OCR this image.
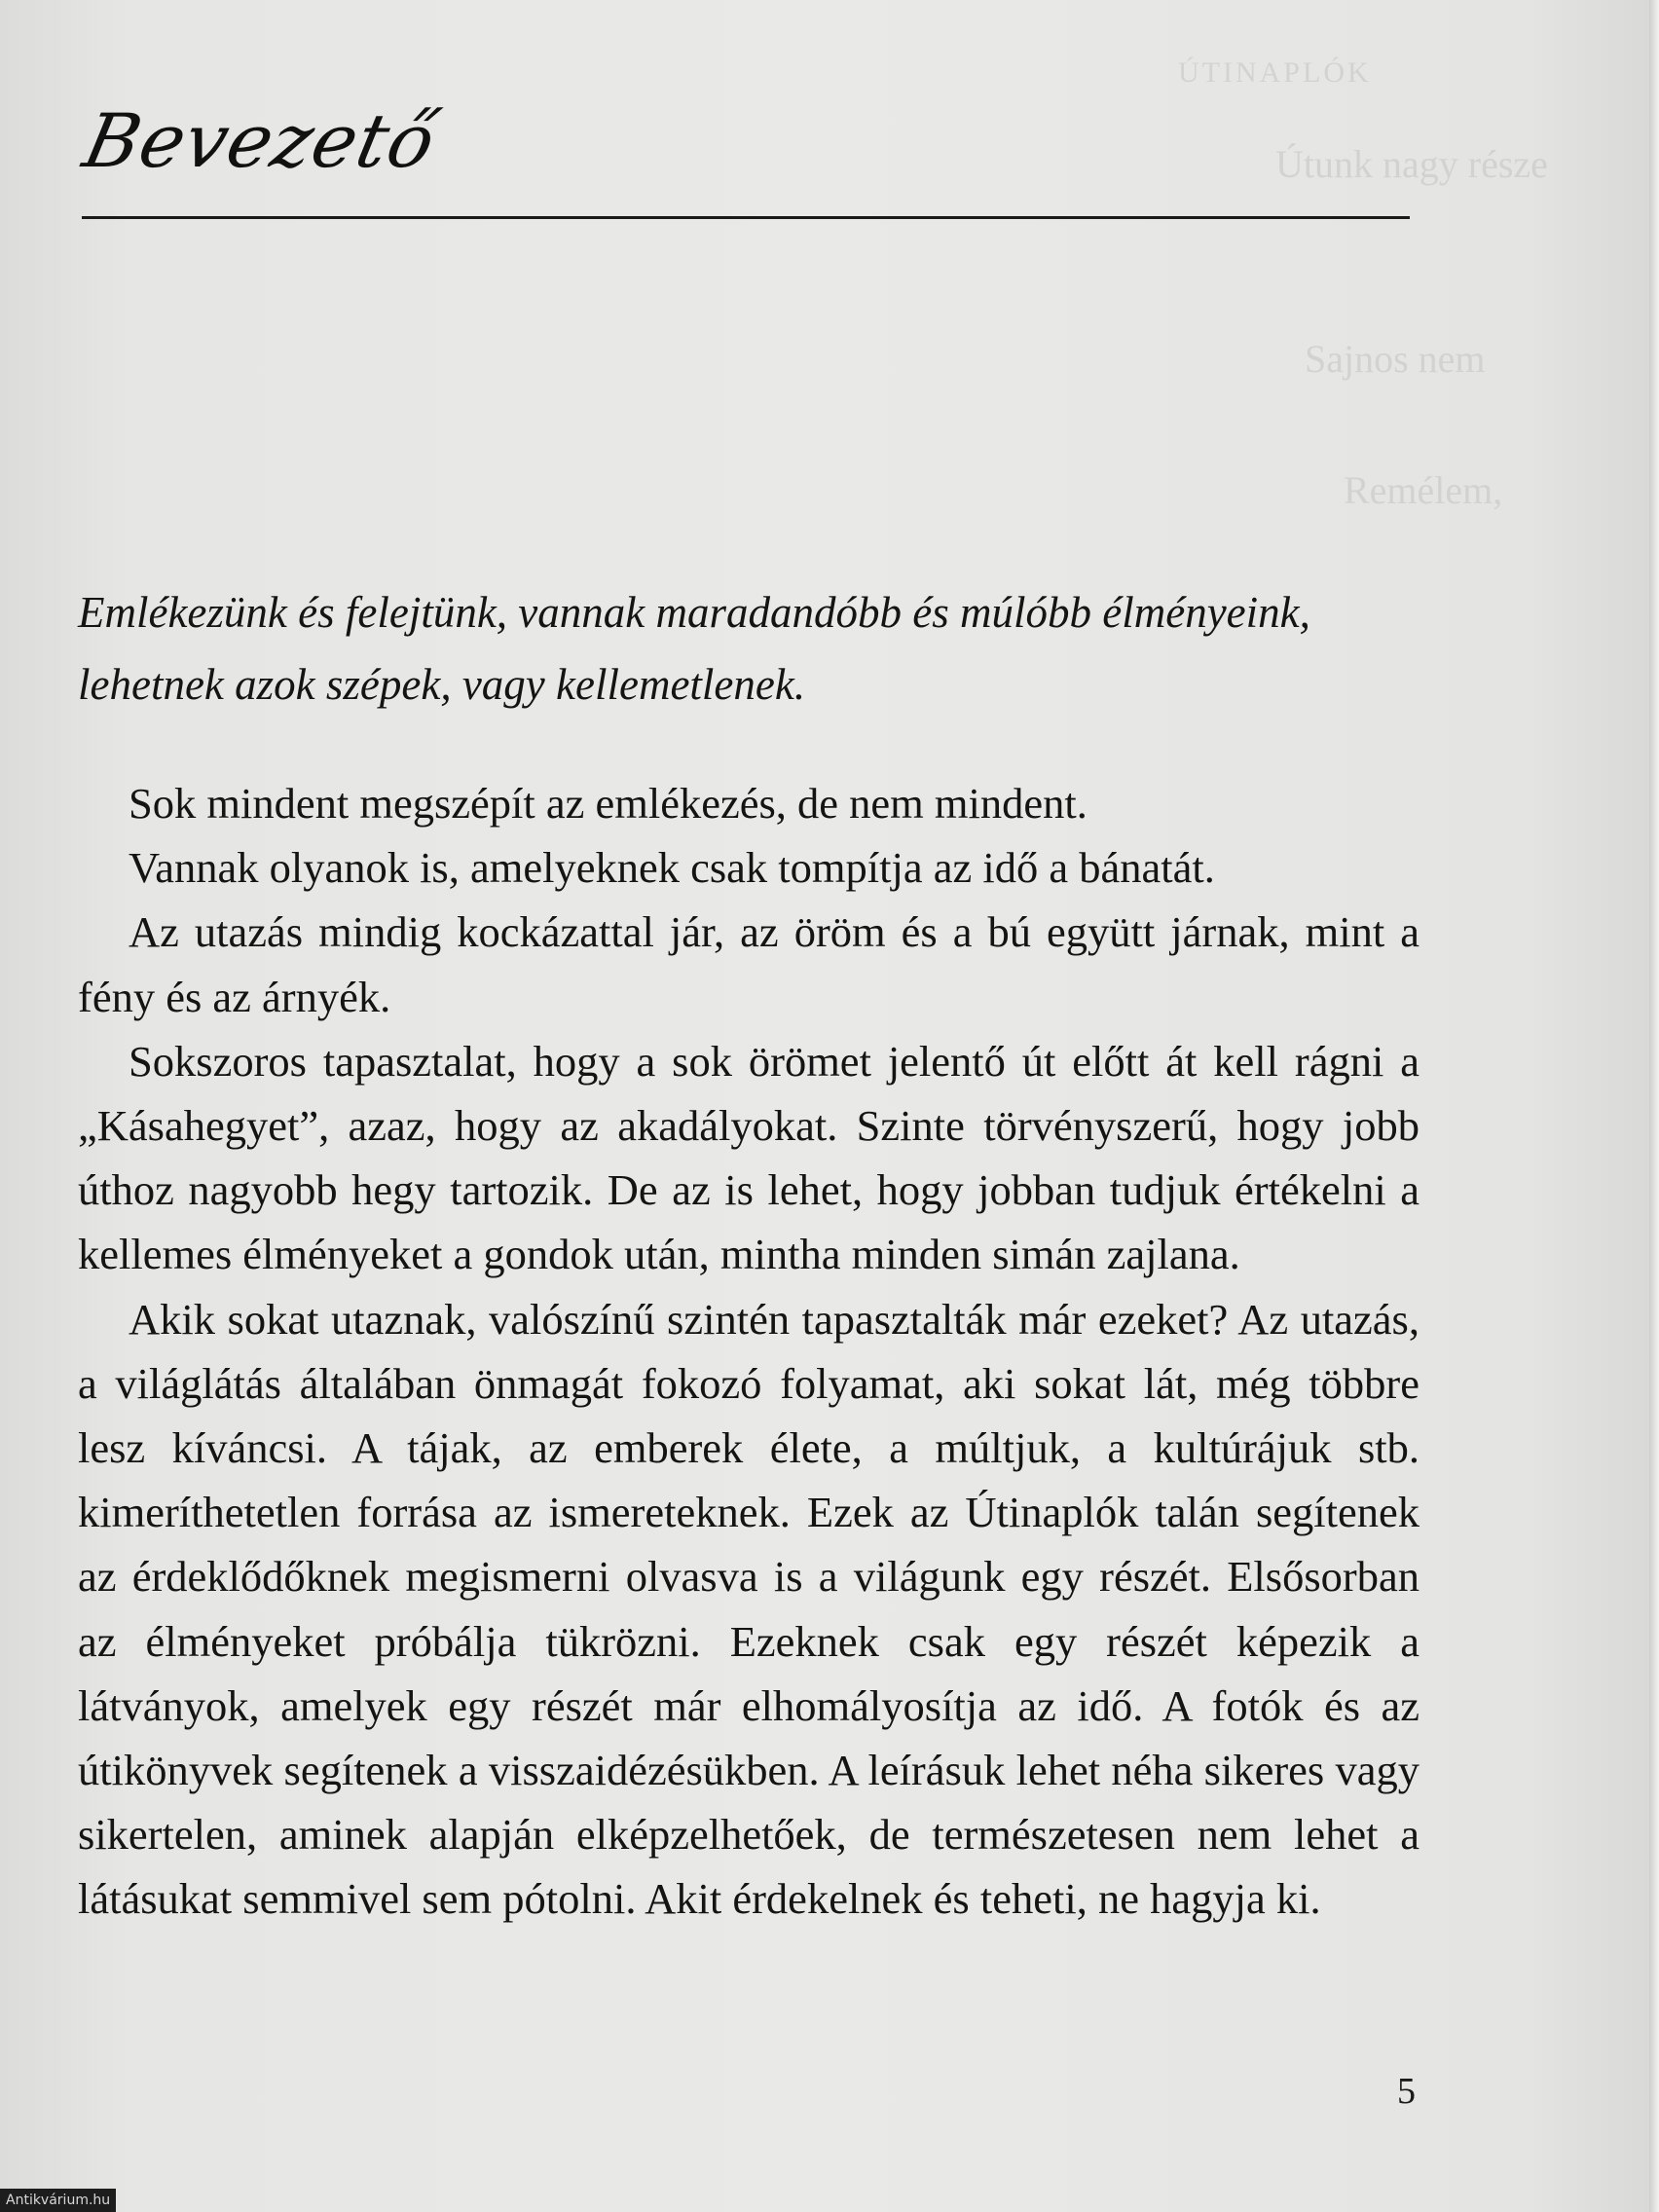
ÚTINAPLÓK
Útunk nagy része
Sajnos nem
Remélem,
Bevezető

Emlékezünk és felejtünk, vannak maradandóbb és múlóbb élményeink, lehetnek azok szépek, vagy kellemetlenek.

Sok mindent megszépít az emlékezés, de nem mindent.

Vannak olyanok is, amelyeknek csak tompítja az idő a bánatát.

Az utazás mindig kockázattal jár, az öröm és a bú együtt járnak, mint a fény és az árnyék.

Sokszoros tapasztalat, hogy a sok örömet jelentő út előtt át kell rágni a „Kásahegyet”, azaz, hogy az akadályokat. Szinte törvényszerű, hogy jobb úthoz nagyobb hegy tartozik. De az is lehet, hogy jobban tudjuk értékelni a kellemes élményeket a gondok után, mintha minden simán zajlana.

Akik sokat utaznak, valószínű szintén tapasztalták már ezeket? Az utazás, a világlátás általában önmagát fokozó folyamat, aki sokat lát, még többre lesz kíváncsi. A tájak, az emberek élete, a múltjuk, a kultúrájuk stb. kimeríthetetlen forrása az ismereteknek. Ezek az Útinaplók talán segítenek az érdeklődőknek megismerni olvasva is a világunk egy részét. Elsősorban az élményeket próbálja tükrözni. Ezeknek csak egy részét képezik a látványok, amelyek egy részét már elhomályosítja az idő. A fotók és az útikönyvek segítenek a visszaidézésükben. A leírásuk lehet néha sikeres vagy sikertelen, aminek alapján elképzelhetőek, de természetesen nem lehet a látásukat semmivel sem pótolni. Akit érdekelnek és teheti, ne hagyja ki.

5
Antikvárium.hu
